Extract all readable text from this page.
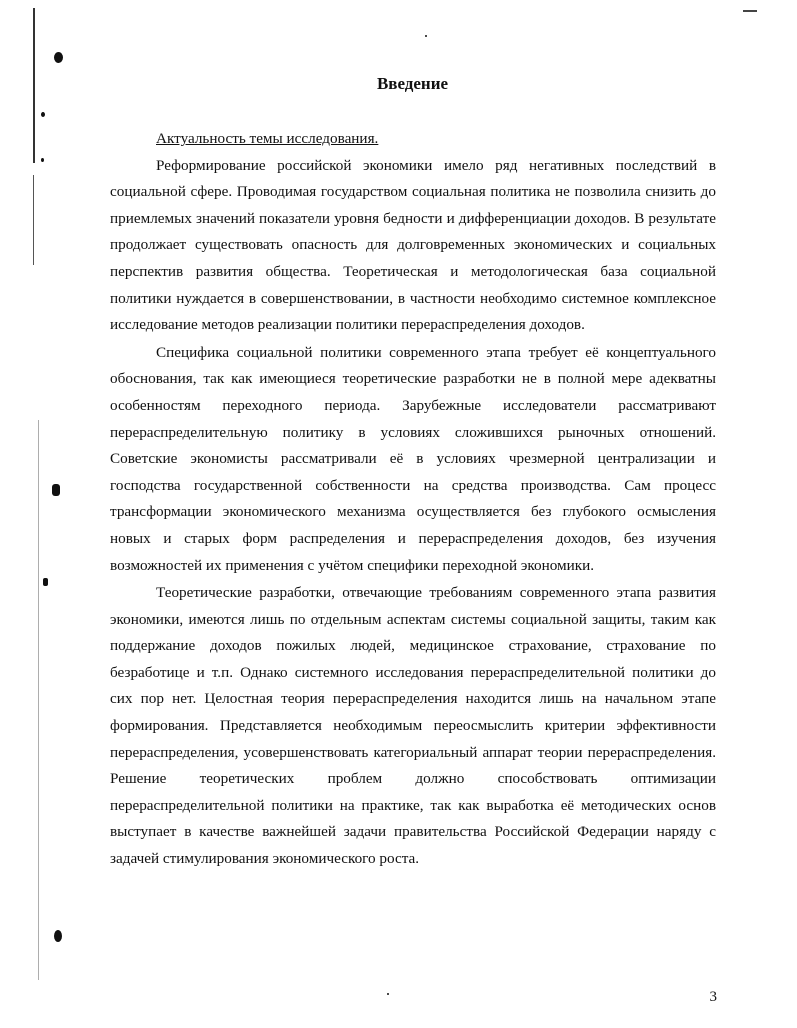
Введение

Актуальность темы исследования.

Реформирование российской экономики имело ряд негативных последствий в социальной сфере. Проводимая государством социальная политика не позволила снизить до приемлемых значений показатели уровня бедности и дифференциации доходов. В результате продолжает существовать опасность для долговременных экономических и социальных перспектив развития общества. Теоретическая и методологическая база социальной политики нуждается в совершенствовании, в частности необходимо системное комплексное исследование методов реализации политики перераспределения доходов.

Специфика социальной политики современного этапа требует её концептуального обоснования, так как имеющиеся теоретические разработки не в полной мере адекватны особенностям переходного периода. Зарубежные исследователи рассматривают перераспределительную политику в условиях сложившихся рыночных отношений. Советские экономисты рассматривали её в условиях чрезмерной централизации и господства государственной собственности на средства производства. Сам процесс трансформации экономического механизма осуществляется без глубокого осмысления новых и старых форм распределения и перераспределения доходов, без изучения возможностей их применения с учётом специфики переходной экономики.

Теоретические разработки, отвечающие требованиям современного этапа развития экономики, имеются лишь по отдельным аспектам системы социальной защиты, таким как поддержание доходов пожилых людей, медицинское страхование, страхование по безработице и т.п. Однако системного исследования перераспределительной политики до сих пор нет. Целостная теория перераспределения находится лишь на начальном этапе формирования. Представляется необходимым переосмыслить критерии эффективности перераспределения, усовершенствовать категориальный аппарат теории перераспределения. Решение теоретических проблем должно способствовать оптимизации перераспределительной политики на практике, так как выработка её методических основ выступает в качестве важнейшей задачи правительства Российской Федерации наряду с задачей стимулирования экономического роста.

3
